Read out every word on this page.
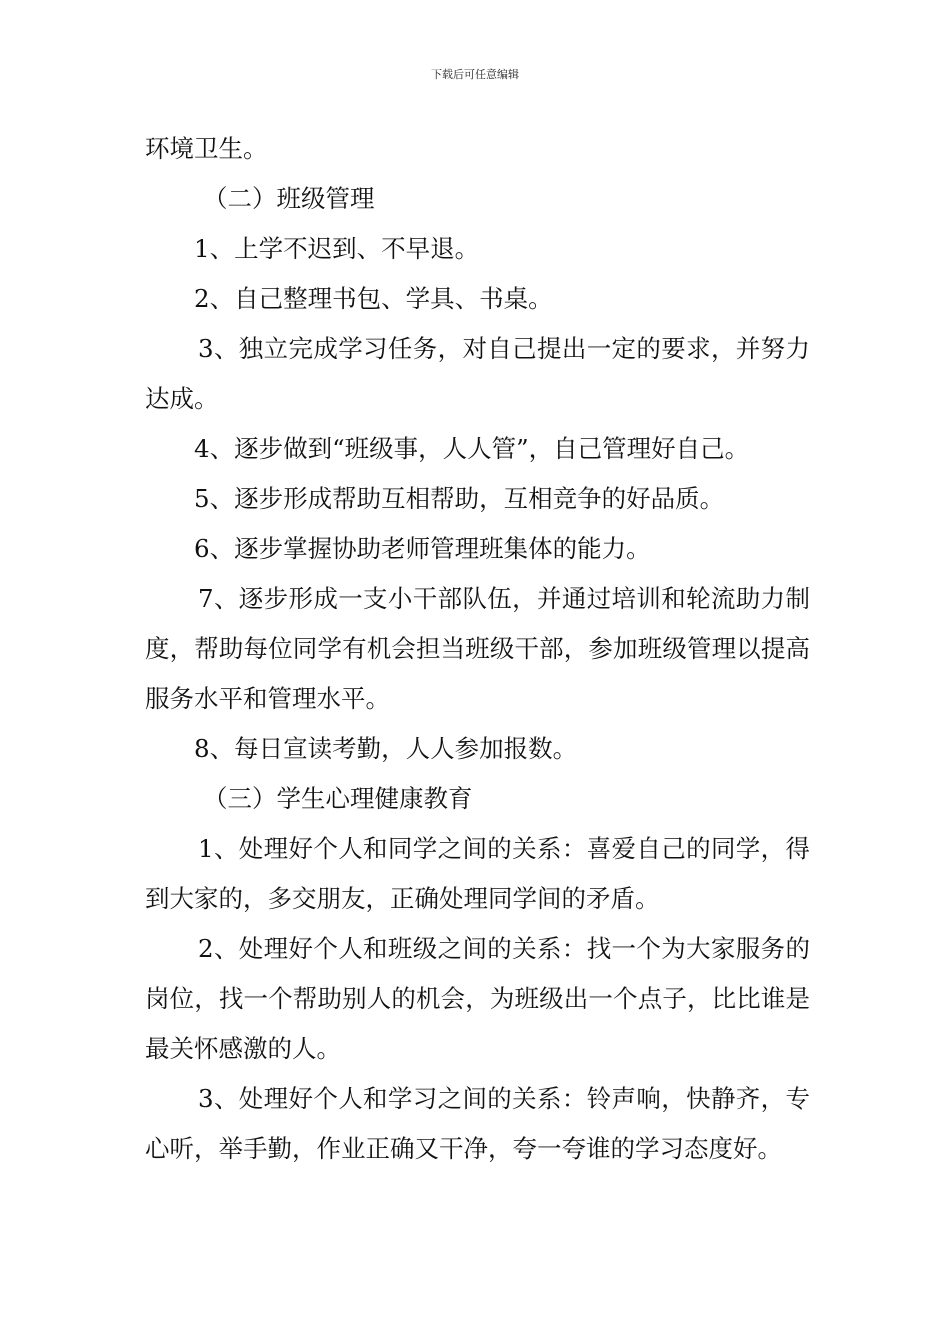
下载后可任意编辑

环境卫生。

（二）班级管理

1、上学不迟到、不早退。

2、自己整理书包、学具、书桌。

3、独立完成学习任务，对自己提出一定的要求，并努力达成。

4、逐步做到“班级事，人人管”，自己管理好自己。

5、逐步形成帮助互相帮助，互相竞争的好品质。

6、逐步掌握协助老师管理班集体的能力。

7、逐步形成一支小干部队伍，并通过培训和轮流助力制度，帮助每位同学有机会担当班级干部，参加班级管理以提高服务水平和管理水平。

8、每日宣读考勤，人人参加报数。

（三）学生心理健康教育

1、处理好个人和同学之间的关系：喜爱自己的同学，得到大家的，多交朋友，正确处理同学间的矛盾。

2、处理好个人和班级之间的关系：找一个为大家服务的岗位，找一个帮助别人的机会，为班级出一个点子，比比谁是最关怀感激的人。

3、处理好个人和学习之间的关系：铃声响，快静齐，专心听，举手勤，作业正确又干净，夸一夸谁的学习态度好。
